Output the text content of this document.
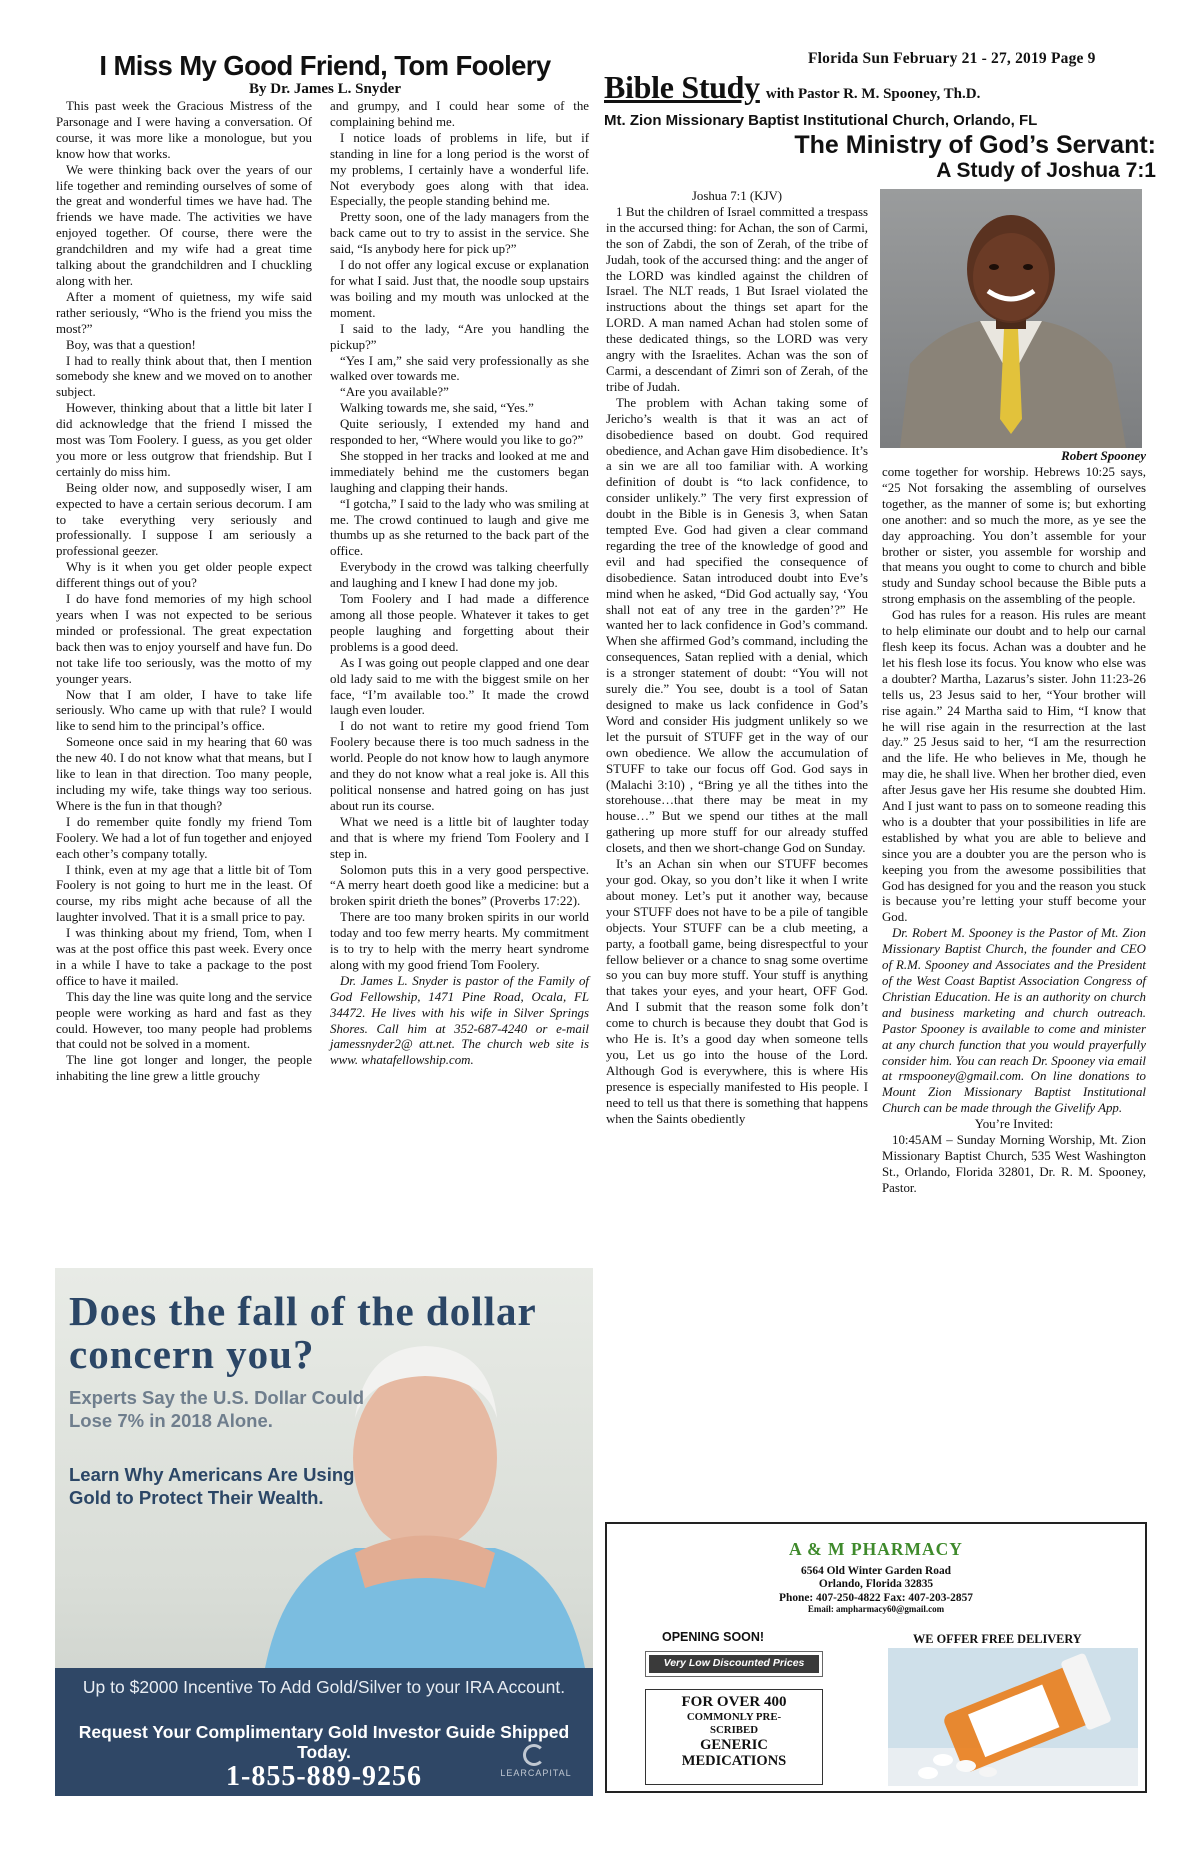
Florida Sun February 21 - 27, 2019 Page 9
I Miss My Good Friend, Tom Foolery
By Dr. James L. Snyder

This past week the Gracious Mistress of the Parsonage and I were having a conversation. Of course, it was more like a monologue, but you know how that works.

We were thinking back over the years of our life together and reminding ourselves of some of the great and wonderful times we have had. The friends we have made. The activities we have enjoyed together. Of course, there were the grandchildren and my wife had a great time talking about the grandchildren and I chuckling along with her.

After a moment of quietness, my wife said rather seriously, “Who is the friend you miss the most?”

Boy, was that a question!

I had to really think about that, then I mention somebody she knew and we moved on to another subject.

However, thinking about that a little bit later I did acknowledge that the friend I missed the most was Tom Foolery. I guess, as you get older you more or less outgrow that friendship. But I certainly do miss him.

Being older now, and supposedly wiser, I am expected to have a certain serious decorum. I am to take everything very seriously and professionally. I suppose I am seriously a professional geezer.

Why is it when you get older people expect different things out of you?

I do have fond memories of my high school years when I was not expected to be serious minded or professional. The great expectation back then was to enjoy yourself and have fun. Do not take life too seriously, was the motto of my younger years.

Now that I am older, I have to take life seriously. Who came up with that rule? I would like to send him to the principal’s office.

Someone once said in my hearing that 60 was the new 40. I do not know what that means, but I like to lean in that direction. Too many people, including my wife, take things way too serious. Where is the fun in that though?

I do remember quite fondly my friend Tom Foolery. We had a lot of fun together and enjoyed each other’s company totally.

I think, even at my age that a little bit of Tom Foolery is not going to hurt me in the least. Of course, my ribs might ache because of all the laughter involved. That it is a small price to pay.

I was thinking about my friend, Tom, when I was at the post office this past week. Every once in a while I have to take a package to the post office to have it mailed.

This day the line was quite long and the service people were working as hard and fast as they could. However, too many people had problems that could not be solved in a moment.

The line got longer and longer, the people inhabiting the line grew a little grouchy

and grumpy, and I could hear some of the complaining behind me.

I notice loads of problems in life, but if standing in line for a long period is the worst of my problems, I certainly have a wonderful life. Not everybody goes along with that idea. Especially, the people standing behind me.

Pretty soon, one of the lady managers from the back came out to try to assist in the service. She said, “Is anybody here for pick up?”

I do not offer any logical excuse or explanation for what I said. Just that, the noodle soup upstairs was boiling and my mouth was unlocked at the moment.

I said to the lady, “Are you handling the pickup?”

“Yes I am,” she said very professionally as she walked over towards me.

“Are you available?”

Walking towards me, she said, “Yes.”

Quite seriously, I extended my hand and responded to her, “Where would you like to go?”

She stopped in her tracks and looked at me and immediately behind me the customers began laughing and clapping their hands.

“I gotcha,” I said to the lady who was smiling at me. The crowd continued to laugh and give me thumbs up as she returned to the back part of the office.

Everybody in the crowd was talking cheerfully and laughing and I knew I had done my job.

Tom Foolery and I had made a difference among all those people. Whatever it takes to get people laughing and forgetting about their problems is a good deed.

As I was going out people clapped and one dear old lady said to me with the biggest smile on her face, “I’m available too.” It made the crowd laugh even louder.

I do not want to retire my good friend Tom Foolery because there is too much sadness in the world. People do not know how to laugh anymore and they do not know what a real joke is. All this political nonsense and hatred going on has just about run its course.

What we need is a little bit of laughter today and that is where my friend Tom Foolery and I step in.

Solomon puts this in a very good perspective. “A merry heart doeth good like a medicine: but a broken spirit drieth the bones” (Proverbs 17:22).

There are too many broken spirits in our world today and too few merry hearts. My commitment is to try to help with the merry heart syndrome along with my good friend Tom Foolery.

Dr. James L. Snyder is pastor of the Family of God Fellowship, 1471 Pine Road, Ocala, FL 34472. He lives with his wife in Silver Springs Shores. Call him at 352-687-4240 or e-mail jamessnyder2@ att.net. The church web site is www. whatafellowship.com.

Bible Study with Pastor R. M. Spooney, Th.D.
Mt. Zion Missionary Baptist Institutional Church, Orlando, FL
The Ministry of God’s Servant:
A Study of Joshua 7:1
Robert Spooney

Joshua 7:1 (KJV)

1 But the children of Israel committed a trespass in the accursed thing: for Achan, the son of Carmi, the son of Zabdi, the son of Zerah, of the tribe of Judah, took of the accursed thing: and the anger of the LORD was kindled against the children of Israel. The NLT reads, 1 But Israel violated the instructions about the things set apart for the LORD. A man named Achan had stolen some of these dedicated things, so the LORD was very angry with the Israelites. Achan was the son of Carmi, a descendant of Zimri son of Zerah, of the tribe of Judah.

The problem with Achan taking some of Jericho’s wealth is that it was an act of disobedience based on doubt. God required obedience, and Achan gave Him disobedience. It’s a sin we are all too familiar with. A working definition of doubt is “to lack confidence, to consider unlikely.” The very first expression of doubt in the Bible is in Genesis 3, when Satan tempted Eve. God had given a clear command regarding the tree of the knowledge of good and evil and had specified the consequence of disobedience. Satan introduced doubt into Eve’s mind when he asked, “Did God actually say, ‘You shall not eat of any tree in the garden’?” He wanted her to lack confidence in God’s command. When she affirmed God’s command, including the consequences, Satan replied with a denial, which is a stronger statement of doubt: “You will not surely die.” You see, doubt is a tool of Satan designed to make us lack confidence in God’s Word and consider His judgment unlikely so we let the pursuit of STUFF get in the way of our own obedience. We allow the accumulation of STUFF to take our focus off God. God says in (Malachi 3:10) , “Bring ye all the tithes into the storehouse…that there may be meat in my house…” But we spend our tithes at the mall gathering up more stuff for our already stuffed closets, and then we short-change God on Sunday.

It’s an Achan sin when our STUFF becomes your god. Okay, so you don’t like it when I write about money. Let’s put it another way, because your STUFF does not have to be a pile of tangible objects. Your STUFF can be a club meeting, a party, a football game, being disrespectful to your fellow believer or a chance to snag some overtime so you can buy more stuff. Your stuff is anything that takes your eyes, and your heart, OFF God. And I submit that the reason some folk don’t come to church is because they doubt that God is who He is. It’s a good day when someone tells you, Let us go into the house of the Lord. Although God is everywhere, this is where His presence is especially manifested to His people. I need to tell us that there is something that happens when the Saints obediently

come together for worship. Hebrews 10:25 says, “25 Not forsaking the assembling of ourselves together, as the manner of some is; but exhorting one another: and so much the more, as ye see the day approaching. You don’t assemble for your brother or sister, you assemble for worship and that means you ought to come to church and bible study and Sunday school because the Bible puts a strong emphasis on the assembling of the people.

God has rules for a reason. His rules are meant to help eliminate our doubt and to help our carnal flesh keep its focus. Achan was a doubter and he let his flesh lose its focus. You know who else was a doubter? Martha, Lazarus’s sister. John 11:23-26 tells us, 23 Jesus said to her, “Your brother will rise again.” 24 Martha said to Him, “I know that he will rise again in the resurrection at the last day.” 25 Jesus said to her, “I am the resurrection and the life. He who believes in Me, though he may die, he shall live. When her brother died, even after Jesus gave her His resume she doubted Him. And I just want to pass on to someone reading this who is a doubter that your possibilities in life are established by what you are able to believe and since you are a doubter you are the person who is keeping you from the awesome possibilities that God has designed for you and the reason you stuck is because you’re letting your stuff become your God.

Dr. Robert M. Spooney is the Pastor of Mt. Zion Missionary Baptist Church, the founder and CEO of R.M. Spooney and Associates and the President of the West Coast Baptist Association Congress of Christian Education. He is an authority on church and business marketing and church outreach. Pastor Spooney is available to come and minister at any church function that you would prayerfully consider him. You can reach Dr. Spooney via email at rmspooney@gmail.com. On line donations to Mount Zion Missionary Baptist Institutional Church can be made through the Givelify App.

You’re Invited:

10:45AM – Sunday Morning Worship, Mt. Zion Missionary Baptist Church, 535 West Washington St., Orlando, Florida 32801, Dr. R. M. Spooney, Pastor.

Does the fall of the dollar concern you?
Experts Say the U.S. Dollar Could Lose 7% in 2018 Alone.
Learn Why Americans Are Using Gold to Protect Their Wealth.
Up to $2000 Incentive To Add Gold/Silver to your IRA Account.
Request Your Complimentary Gold Investor Guide Shipped Today.
1-855-889-9256	LEARCAPITAL
A & M PHARMACY
6564 Old Winter Garden Road
Orlando, Florida 32835
Phone: 407-250-4822 Fax: 407-203-2857
Email: ampharmacy60@gmail.com
OPENING SOON!	WE OFFER FREE DELIVERY
Very Low Discounted Prices
FOR OVER 400
COMMONLY PRE-
SCRIBED
GENERIC
MEDICATIONS
